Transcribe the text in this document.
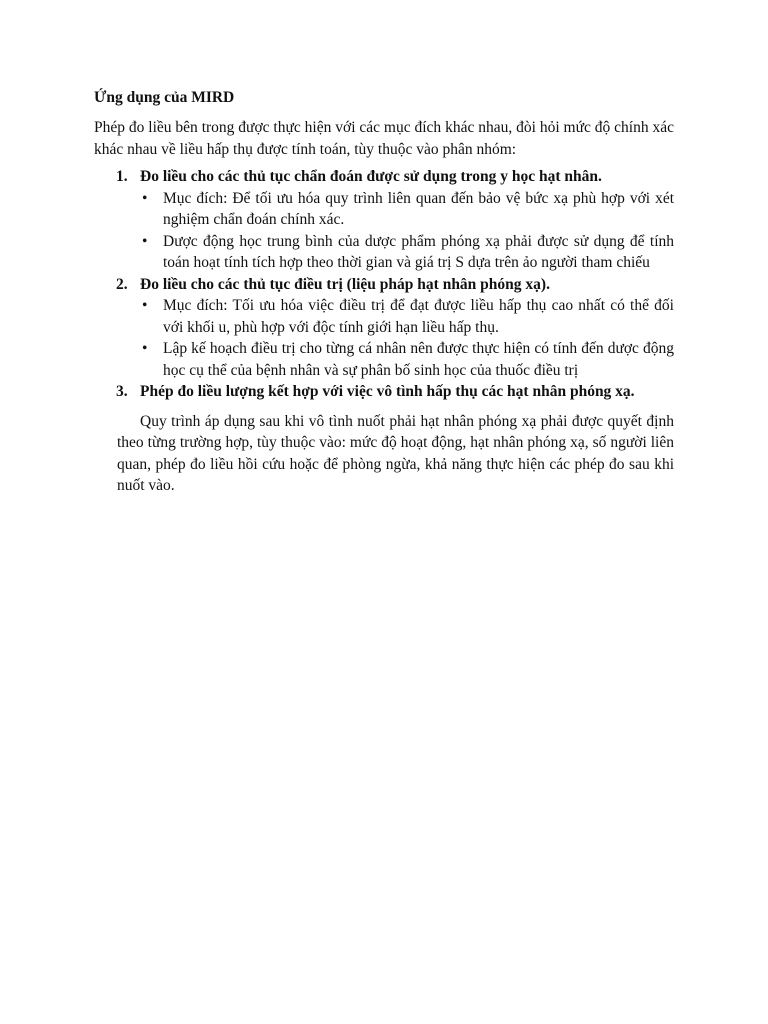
Ứng dụng của MIRD

Phép đo liều bên trong được thực hiện với các mục đích khác nhau, đòi hỏi mức độ chính xác khác nhau về liều hấp thụ được tính toán, tùy thuộc vào phân nhóm:

1. Đo liều cho các thủ tục chẩn đoán được sử dụng trong y học hạt nhân.
• Mục đích: Để tối ưu hóa quy trình liên quan đến bảo vệ bức xạ phù hợp với xét nghiệm chẩn đoán chính xác.
• Dược động học trung bình của dược phẩm phóng xạ phải được sử dụng để tính toán hoạt tính tích hợp theo thời gian và giá trị S dựa trên ảo người tham chiếu
2. Đo liều cho các thủ tục điều trị (liệu pháp hạt nhân phóng xạ).
• Mục đích: Tối ưu hóa việc điều trị để đạt được liều hấp thụ cao nhất có thể đối với khối u, phù hợp với độc tính giới hạn liều hấp thụ.
• Lập kế hoạch điều trị cho từng cá nhân nên được thực hiện có tính đến dược động học cụ thể của bệnh nhân và sự phân bố sinh học của thuốc điều trị
3. Phép đo liều lượng kết hợp với việc vô tình hấp thụ các hạt nhân phóng xạ.

Quy trình áp dụng sau khi vô tình nuốt phải hạt nhân phóng xạ phải được quyết định theo từng trường hợp, tùy thuộc vào: mức độ hoạt động, hạt nhân phóng xạ, số người liên quan, phép đo liều hồi cứu hoặc để phòng ngừa, khả năng thực hiện các phép đo sau khi nuốt vào.
